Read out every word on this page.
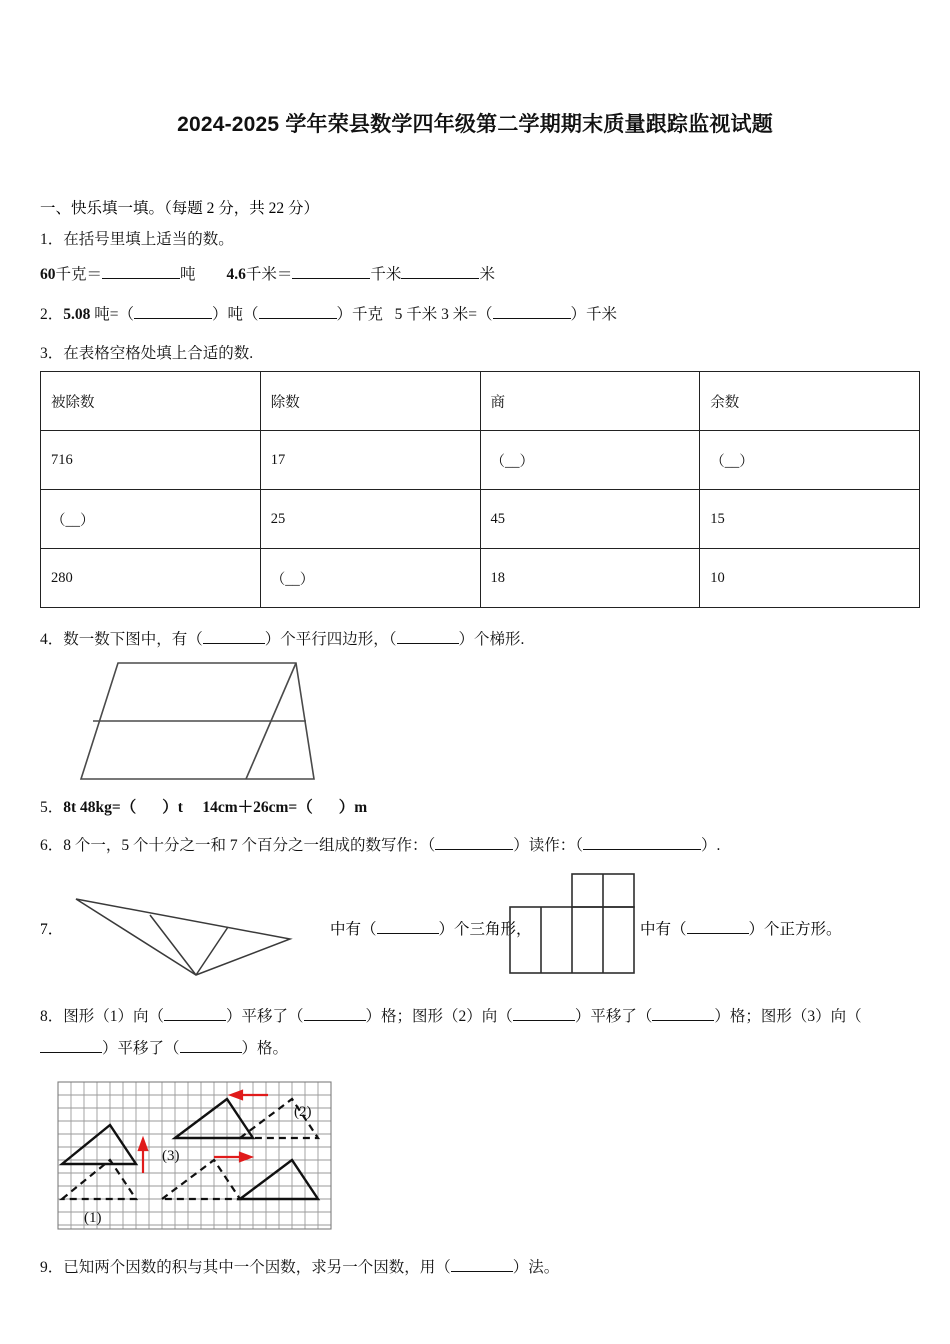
2024-2025 学年荣县数学四年级第二学期期末质量跟踪监视试题
一、快乐填一填。（每题 2 分，共 22 分）
1．在括号里填上适当的数。
60千克＝	吨 4.6千米＝	千米	米
2．5.08 吨=（	）吨（	）千克 5 千米 3 米=（	）千米
3．在表格空格处填上合适的数.
被除数	除数	商	余数
716	17	（__）	（__）
（__）	25	45	15
280	（__）	18	10
4．数一数下图中，有（	）个平行四边形，（	）个梯形.
5．8t 48kg=（ ）t 14cm＋26cm=（ ）m
6．8 个一，5 个十分之一和 7 个百分之一组成的数写作：（	）读作：（	）.
7．	中有（	）个三角形，	中有（	）个正方形。
8．图形（1）向（	）平移了（	）格；图形（2）向（	）平移了（	）格；图形（3）向（）平移了（	）格。
(1)
(2)
(3)
9．已知两个因数的积与其中一个因数，求另一个因数，用（	）法。
